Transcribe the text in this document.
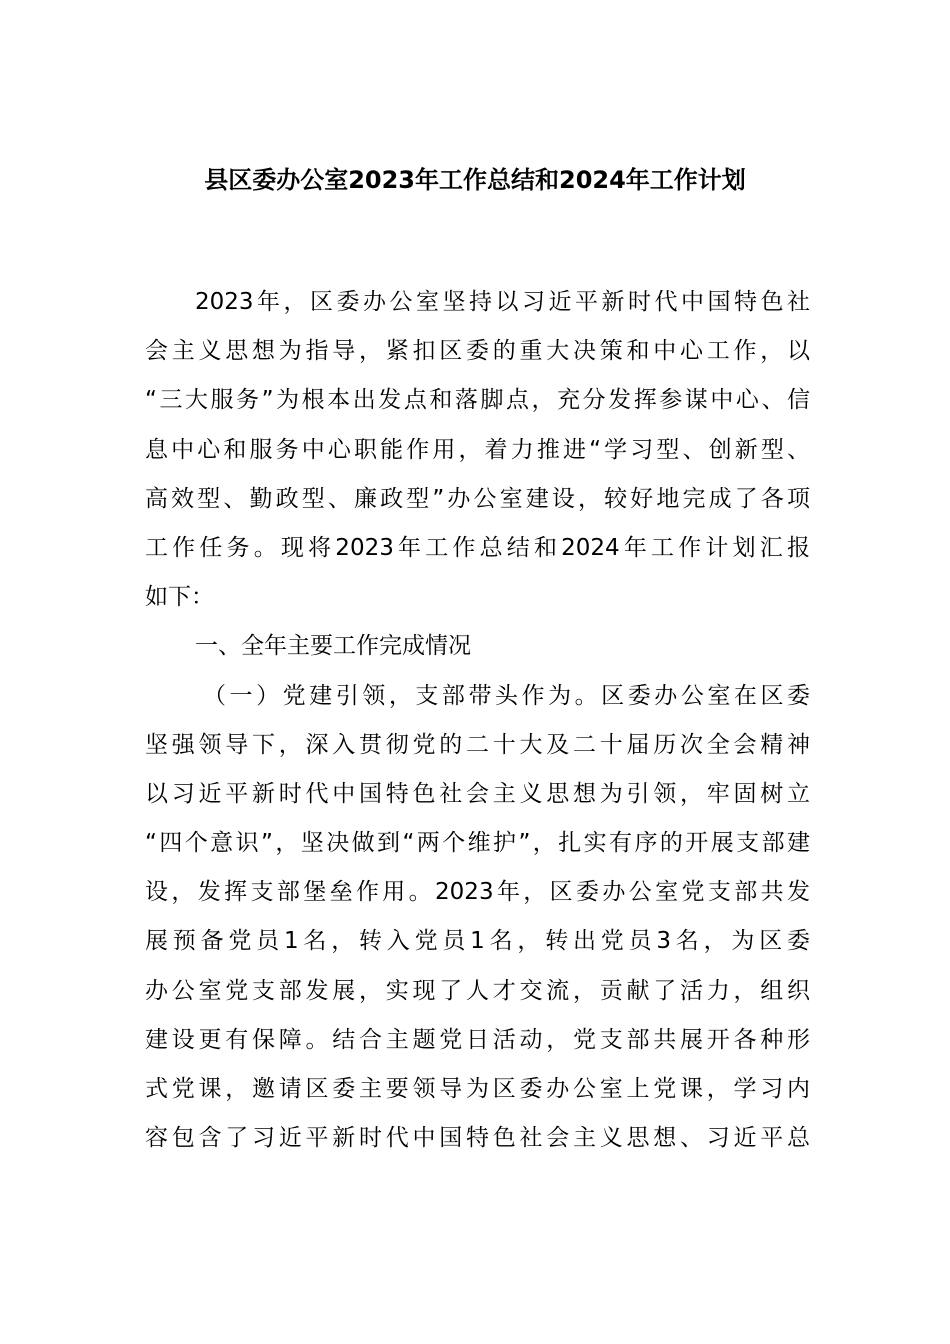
县区委办公室2023年工作总结和2024年工作计划
2023年，区委办公室坚持以习近平新时代中国特色社
会主义思想为指导，紧扣区委的重大决策和中心工作，以
“三大服务”为根本出发点和落脚点，充分发挥参谋中心、信
息中心和服务中心职能作用，着力推进“学习型、创新型、
高效型、勤政型、廉政型”办公室建设，较好地完成了各项
工作任务。现将2023年工作总结和2024年工作计划汇报
如下：
一、全年主要工作完成情况
（一）党建引领，支部带头作为。区委办公室在区委
坚强领导下，深入贯彻党的二十大及二十届历次全会精神
以习近平新时代中国特色社会主义思想为引领，牢固树立
“四个意识”，坚决做到“两个维护”，扎实有序的开展支部建
设，发挥支部堡垒作用。2023年，区委办公室党支部共发
展预备党员1名，转入党员1名，转出党员3名，为区委
办公室党支部发展，实现了人才交流，贡献了活力，组织
建设更有保障。结合主题党日活动，党支部共展开各种形
式党课，邀请区委主要领导为区委办公室上党课，学习内
容包含了习近平新时代中国特色社会主义思想、习近平总
